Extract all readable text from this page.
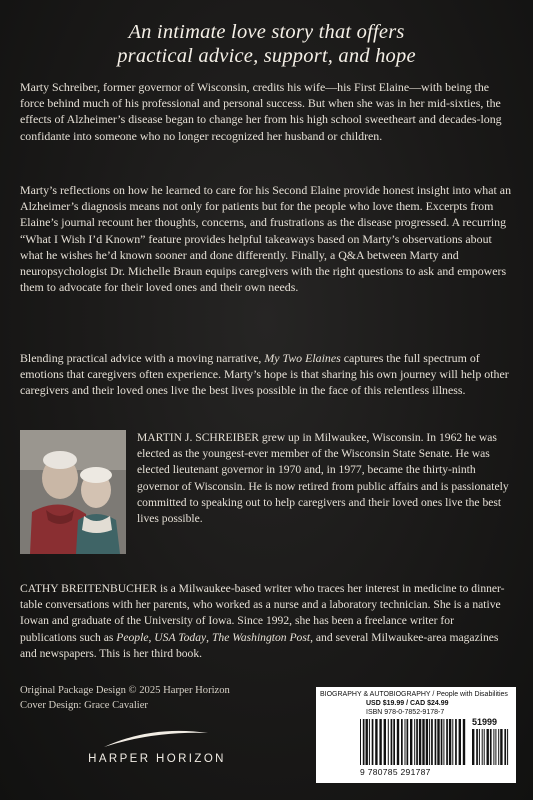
An intimate love story that offers
practical advice, support, and hope

Marty Schreiber, former governor of Wisconsin, credits his wife—his First Elaine—with being the force behind much of his professional and personal success. But when she was in her mid-sixties, the effects of Alzheimer’s disease began to change her from his high school sweetheart and decades-long confidante into someone who no longer recognized her husband or children.

Marty’s reflections on how he learned to care for his Second Elaine provide honest insight into what an Alzheimer’s diagnosis means not only for patients but for the people who love them. Excerpts from Elaine’s journal recount her thoughts, concerns, and frustrations as the disease progressed. A recurring “What I Wish I’d Known” feature provides helpful takeaways based on Marty’s observations about what he wishes he’d known sooner and done differently. Finally, a Q&A between Marty and neuropsychologist Dr. Michelle Braun equips caregivers with the right questions to ask and empowers them to advocate for their loved ones and their own needs.

Blending practical advice with a moving narrative, My Two Elaines captures the full spectrum of emotions that caregivers often experience. Marty’s hope is that sharing his own journey will help other caregivers and their loved ones live the best lives possible in the face of this relentless illness.

MARTIN J. SCHREIBER grew up in Milwaukee, Wisconsin. In 1962 he was elected as the youngest-ever member of the Wisconsin State Senate. He was elected lieutenant governor in 1970 and, in 1977, became the thirty-ninth governor of Wisconsin. He is now retired from public affairs and is passionately committed to speaking out to help caregivers and their loved ones live the best lives possible.

CATHY BREITENBUCHER is a Milwaukee-based writer who traces her interest in medicine to dinner-table conversations with her parents, who worked as a nurse and a laboratory technician. She is a native Iowan and graduate of the University of Iowa. Since 1992, she has been a freelance writer for publications such as People, USA Today, The Washington Post, and several Milwaukee-area magazines and newspapers. This is her third book.

Original Package Design © 2025 Harper Horizon
Cover Design: Grace Cavalier
HARPER HORIZON
BIOGRAPHY & AUTOBIOGRAPHY / People with Disabilities
USD $19.99 / CAD $24.99
ISBN 978-0-7852-9178-7
51999
9 780785 291787
